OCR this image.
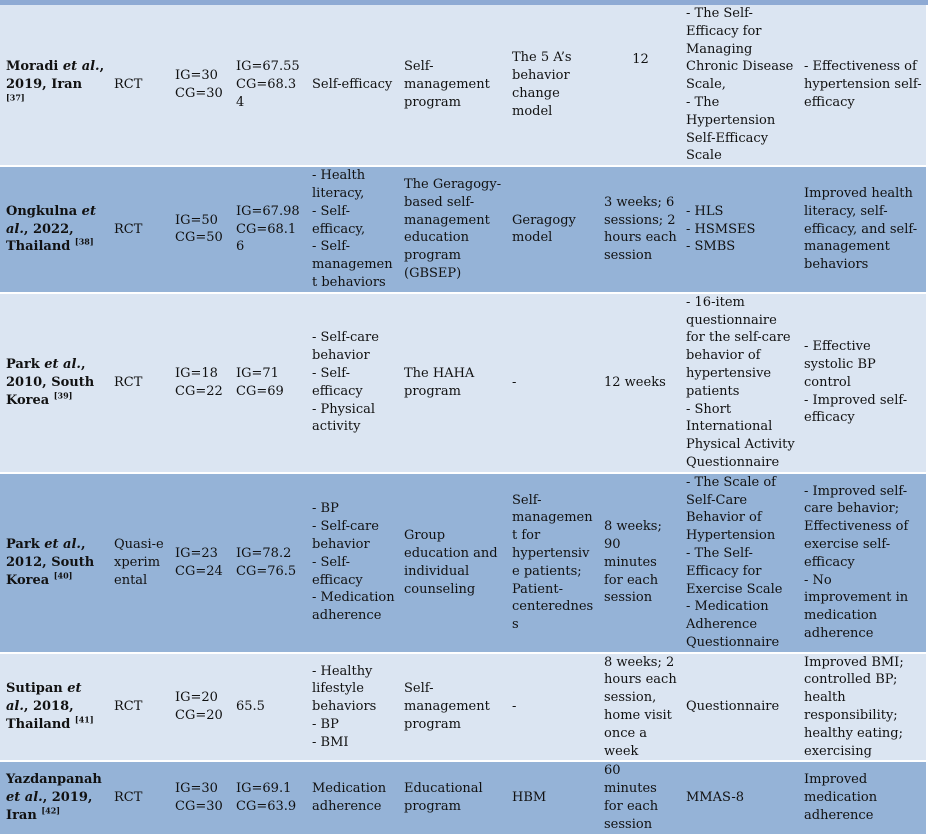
Moradi et al., 2019, Iran [37]	RCT	IG=30
CG=30	IG=67.55
CG=68.34	Self-efficacy	Self-management program	The 5 A’s behavior change model	12	- The Self-Efficacy for Managing Chronic Disease Scale,
- The Hypertension Self-Efficacy Scale	- Effectiveness of hypertension self-efficacy

Ongkulna et al., 2022, Thailand [38]	RCT	IG=50
CG=50	IG=67.98
CG=68.16	- Health literacy,
- Self-efficacy,
- Self-management behaviors	The Geragogy-based self-management education program (GBSEP)	Geragogy model	3 weeks; 6 sessions; 2 hours each session	- HLS
- HSMSES
- SMBS	Improved health literacy, self-efficacy, and self-management behaviors

Park et al., 2010, South Korea [39]	RCT	IG=18
CG=22	IG=71
CG=69	- Self-care behavior
- Self-efficacy
- Physical activity	The HAHA program	-	12 weeks	- 16-item questionnaire for the self-care behavior of hypertensive patients
- Short International Physical Activity Questionnaire	- Effective systolic BP control
- Improved self-efficacy

Park et al., 2012, South Korea [40]	Quasi-experimental	IG=23
CG=24	IG=78.2
CG=76.5	- BP
- Self-care behavior
- Self-efficacy
- Medication adherence	Group education and individual counseling	Self-management for hypertensive patients; Patient-centeredness	8 weeks; 90 minutes for each session	- The Scale of Self-Care Behavior of Hypertension
- The Self-Efficacy for Exercise Scale
- Medication Adherence Questionnaire	- Improved self-care behavior; Effectiveness of exercise self-efficacy
- No improvement in medication adherence

Sutipan et al., 2018, Thailand [41]	RCT	IG=20
CG=20	65.5	- Healthy lifestyle behaviors
- BP
- BMI	Self-management program	-	8 weeks; 2 hours each session, home visit once a week	Questionnaire	Improved BMI; controlled BP; health responsibility; healthy eating; exercising

Yazdanpanah et al., 2019, Iran [42]	RCT	IG=30
CG=30	IG=69.1
CG=63.9	Medication adherence	Educational program	HBM	60 minutes for each session	MMAS-8	Improved medication adherence
